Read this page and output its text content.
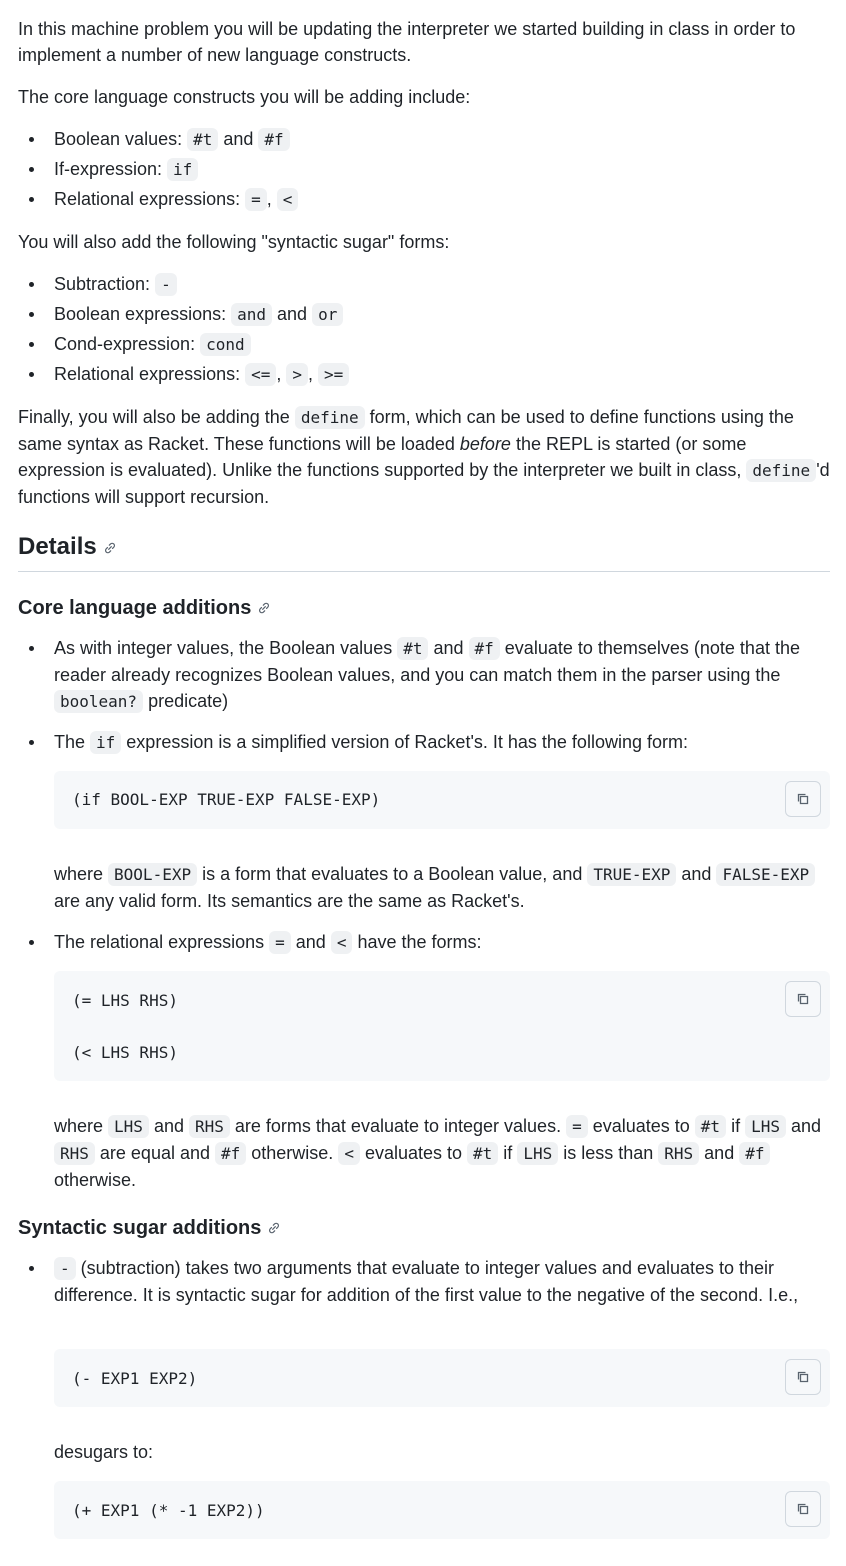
In this machine problem you will be updating the interpreter we started building in class in order to implement a number of new language constructs.

The core language constructs you will be adding include:

Boolean values: #t and #f
If-expression: if
Relational expressions: = , <

You will also add the following "syntactic sugar" forms:

Subtraction: -
Boolean expressions: and and or
Cond-expression: cond
Relational expressions: <= , > , >=

Finally, you will also be adding the define form, which can be used to define functions using the same syntax as Racket. These functions will be loaded before the REPL is started (or some expression is evaluated). Unlike the functions supported by the interpreter we built in class, define 'd functions will support recursion.

Details
Core language additions
As with integer values, the Boolean values #t and #f evaluate to themselves (note that the reader already recognizes Boolean values, and you can match them in the parser using the boolean? predicate)
The if expression is a simplified version of Racket's. It has the following form:
(if BOOL-EXP TRUE-EXP FALSE-EXP)

where BOOL-EXP is a form that evaluates to a Boolean value, and TRUE-EXP and FALSE-EXP are any valid form. Its semantics are the same as Racket's.

The relational expressions = and < have the forms:
(= LHS RHS)
(< LHS RHS)

where LHS and RHS are forms that evaluate to integer values. = evaluates to #t if LHS and RHS are equal and #f otherwise. < evaluates to #t if LHS is less than RHS and #f otherwise.

Syntactic sugar additions
- (subtraction) takes two arguments that evaluate to integer values and evaluates to their difference. It is syntactic sugar for addition of the first value to the negative of the second. I.e.,
(- EXP1 EXP2)

desugars to:

(+ EXP1 (* -1 EXP2))
